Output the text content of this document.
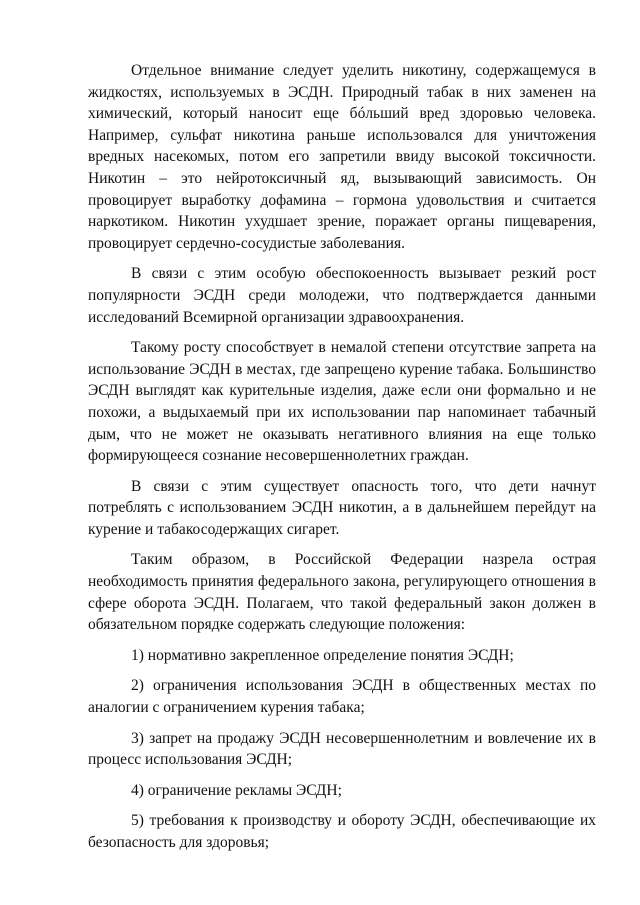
Отдельное внимание следует уделить никотину, содержащемуся в жидкостях, используемых в ЭСДН. Природный табак в них заменен на химический, который наносит еще бóльший вред здоровью человека. Например, сульфат никотина раньше использовался для уничтожения вредных насекомых, потом его запретили ввиду высокой токсичности. Никотин – это нейротоксичный яд, вызывающий зависимость. Он провоцирует выработку дофамина – гормона удовольствия и считается наркотиком. Никотин ухудшает зрение, поражает органы пищеварения, провоцирует сердечно-сосудистые заболевания.

В связи с этим особую обеспокоенность вызывает резкий рост популярности ЭСДН среди молодежи, что подтверждается данными исследований Всемирной организации здравоохранения.

Такому росту способствует в немалой степени отсутствие запрета на использование ЭСДН в местах, где запрещено курение табака. Большинство ЭСДН выглядят как курительные изделия, даже если они формально и не похожи, а выдыхаемый при их использовании пар напоминает табачный дым, что не может не оказывать негативного влияния на еще только формирующееся сознание несовершеннолетних граждан.

В связи с этим существует опасность того, что дети начнут потреблять с использованием ЭСДН никотин, а в дальнейшем перейдут на курение и табакосодержащих сигарет.

Таким образом, в Российской Федерации назрела острая необходимость принятия федерального закона, регулирующего отношения в сфере оборота ЭСДН. Полагаем, что такой федеральный закон должен в обязательном порядке содержать следующие положения:

1) нормативно закрепленное определение понятия ЭСДН;

2) ограничения использования ЭСДН в общественных местах по аналогии с ограничением курения табака;

3) запрет на продажу ЭСДН несовершеннолетним и вовлечение их в процесс использования ЭСДН;

4) ограничение рекламы ЭСДН;

5) требования к производству и обороту ЭСДН, обеспечивающие их безопасность для здоровья;
